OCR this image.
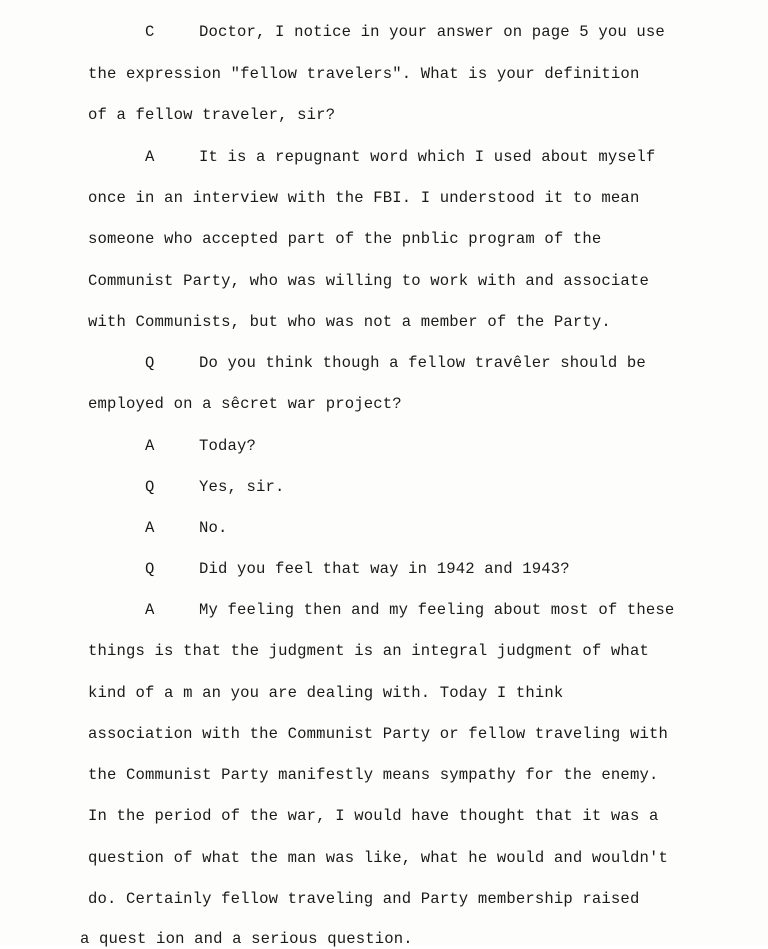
C	Doctor, I notice in your answer on page 5 you use
the expression "fellow travelers". What is your definition
of a fellow traveler, sir?
A	It is a repugnant word which I used about myself
once in an interview with the FBI. I understood it to mean
someone who accepted part of the pnblic program of the
Communist Party, who was willing to work with and associate
with Communists, but who was not a member of the Party.
Q	Do you think though a fellow travêler should be
employed on a sêcret war project?
A	Today?
Q	Yes, sir.
A	No.
Q	Did you feel that way in 1942 and 1943?
A	My feeling then and my feeling about most of these
things is that the judgment is an integral judgment of what
kind of a m an you are dealing with. Today I think
association with the Communist Party or fellow traveling with
the Communist Party manifestly means sympathy for the enemy.
In the period of the war, I would have thought that it was a
question of what the man was like, what he would and wouldn't
do. Certainly fellow traveling and Party membership raised
a quest ion and a serious question.
